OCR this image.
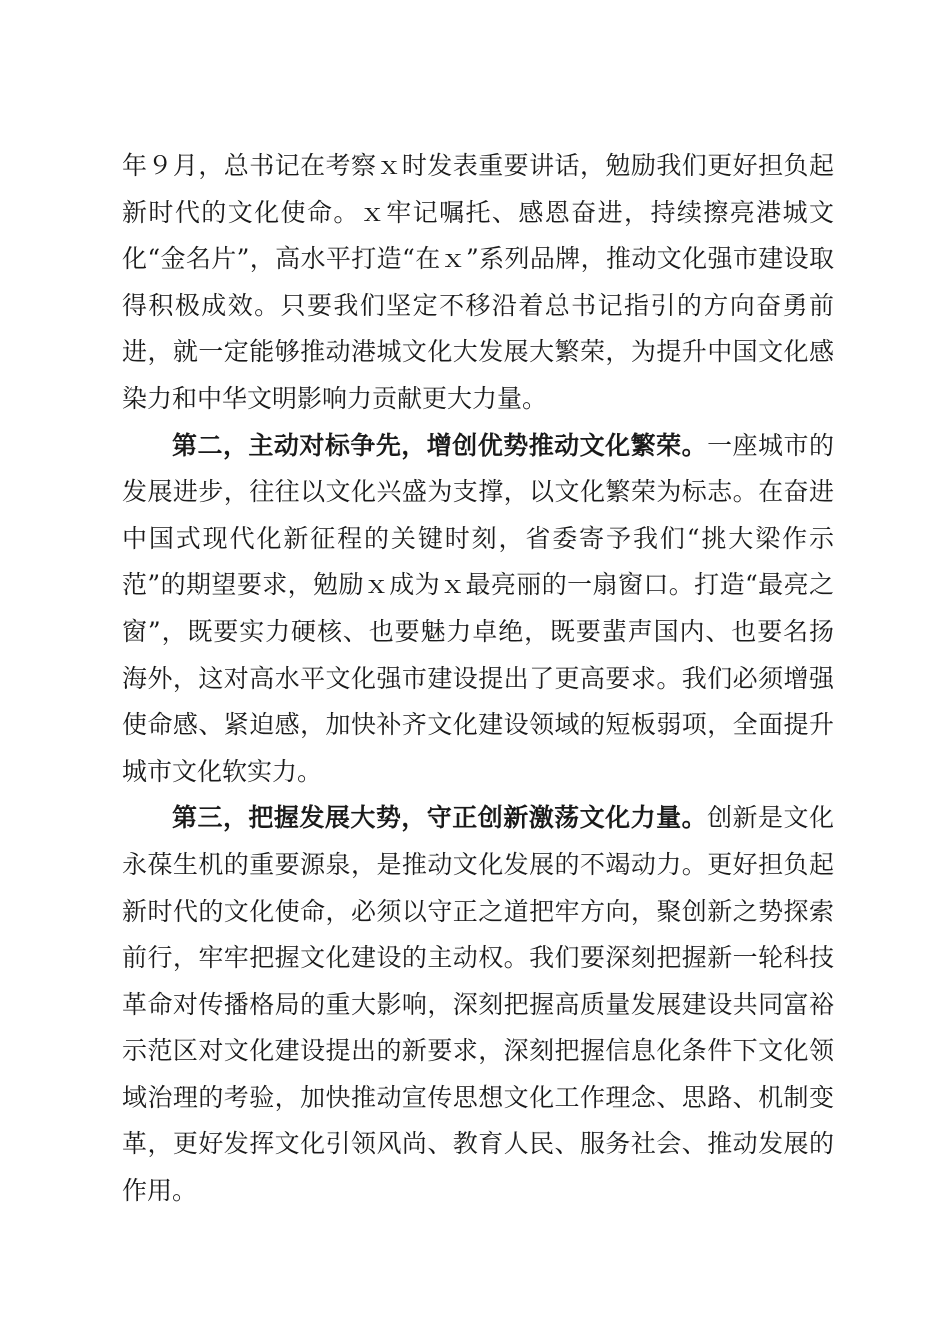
年９月，总书记在考察ｘ时发表重要讲话，勉励我们更好担负起新时代的文化使命。ｘ牢记嘱托、感恩奋进，持续擦亮港城文化“金名片”，高水平打造“在ｘ”系列品牌，推动文化强市建设取得积极成效。只要我们坚定不移沿着总书记指引的方向奋勇前进，就一定能够推动港城文化大发展大繁荣，为提升中国文化感染力和中华文明影响力贡献更大力量。

第二，主动对标争先，增创优势推动文化繁荣。一座城市的发展进步，往往以文化兴盛为支撑，以文化繁荣为标志。在奋进中国式现代化新征程的关键时刻，省委寄予我们“挑大梁作示范”的期望要求，勉励ｘ成为ｘ最亮丽的一扇窗口。打造“最亮之窗”，既要实力硬核、也要魅力卓绝，既要蜚声国内、也要名扬海外，这对高水平文化强市建设提出了更高要求。我们必须增强使命感、紧迫感，加快补齐文化建设领域的短板弱项，全面提升城市文化软实力。

第三，把握发展大势，守正创新激荡文化力量。创新是文化永葆生机的重要源泉，是推动文化发展的不竭动力。更好担负起新时代的文化使命，必须以守正之道把牢方向，聚创新之势探索前行，牢牢把握文化建设的主动权。我们要深刻把握新一轮科技革命对传播格局的重大影响，深刻把握高质量发展建设共同富裕示范区对文化建设提出的新要求，深刻把握信息化条件下文化领域治理的考验，加快推动宣传思想文化工作理念、思路、机制变革，更好发挥文化引领风尚、教育人民、服务社会、推动发展的作用。
